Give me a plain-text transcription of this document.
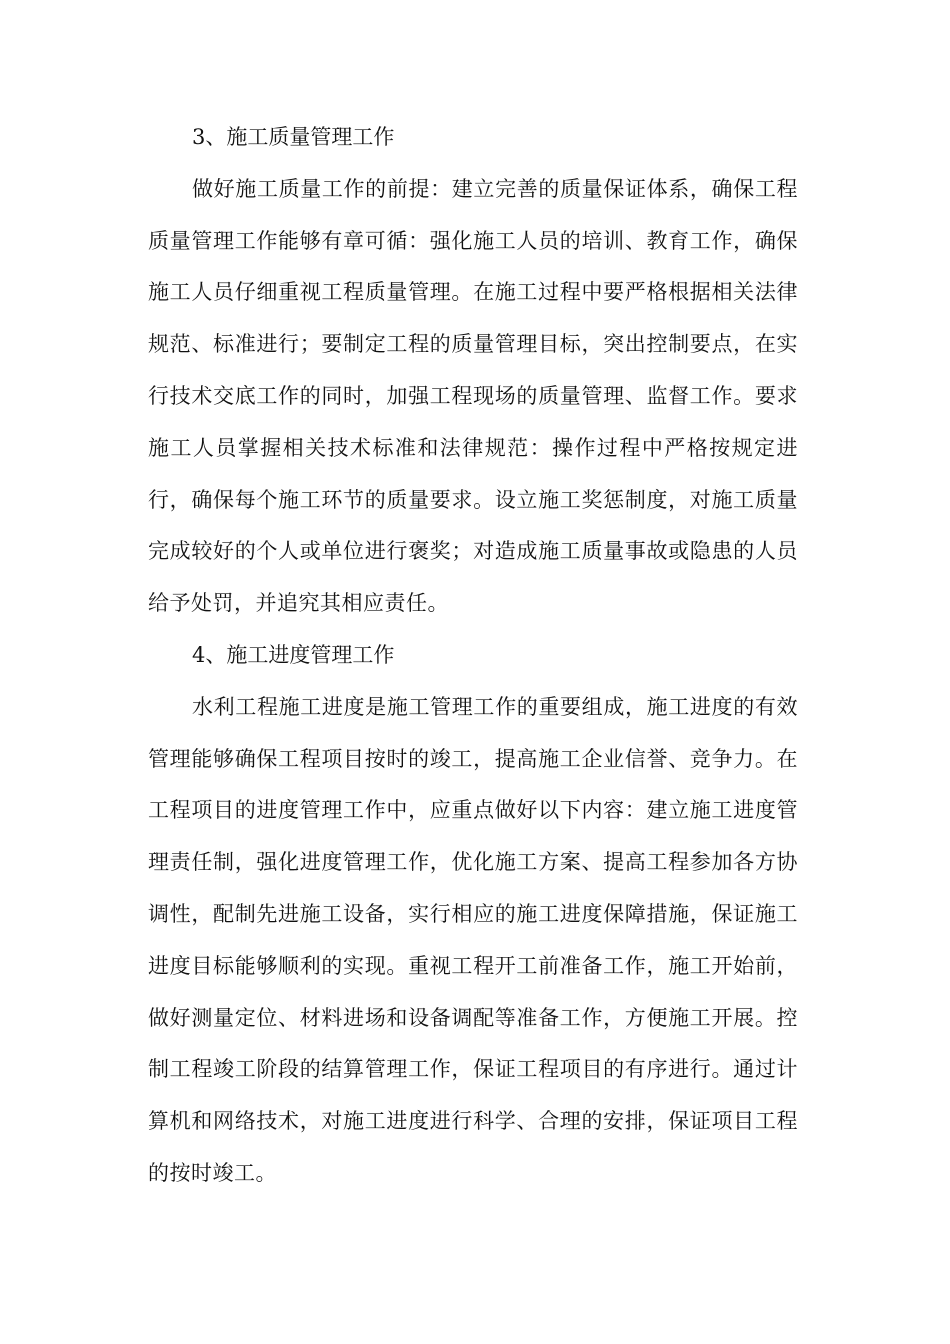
3、施工质量管理工作

做好施工质量工作的前提：建立完善的质量保证体系，确保工程质量管理工作能够有章可循：强化施工人员的培训、教育工作，确保施工人员仔细重视工程质量管理。在施工过程中要严格根据相关法律规范、标准进行；要制定工程的质量管理目标，突出控制要点，在实行技术交底工作的同时，加强工程现场的质量管理、监督工作。要求施工人员掌握相关技术标准和法律规范：操作过程中严格按规定进行，确保每个施工环节的质量要求。设立施工奖惩制度，对施工质量完成较好的个人或单位进行褒奖；对造成施工质量事故或隐患的人员给予处罚，并追究其相应责任。

4、施工进度管理工作

水利工程施工进度是施工管理工作的重要组成，施工进度的有效管理能够确保工程项目按时的竣工，提高施工企业信誉、竞争力。在工程项目的进度管理工作中，应重点做好以下内容：建立施工进度管理责任制，强化进度管理工作，优化施工方案、提高工程参加各方协调性，配制先进施工设备，实行相应的施工进度保障措施，保证施工进度目标能够顺利的实现。重视工程开工前准备工作，施工开始前，做好测量定位、材料进场和设备调配等准备工作，方便施工开展。控制工程竣工阶段的结算管理工作，保证工程项目的有序进行。通过计算机和网络技术，对施工进度进行科学、合理的安排，保证项目工程的按时竣工。
